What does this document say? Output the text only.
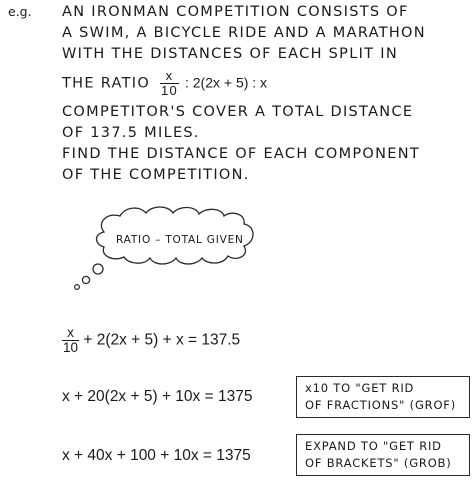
e.g. AN IRONMAN COMPETITION CONSISTS OF
A SWIM, A BICYCLE RIDE AND A MARATHON
WITH THE DISTANCES OF EACH SPLIT IN
THE RATIO $\frac{x}{10}$ : 2(2x + 5) : x
COMPETITOR'S COVER A TOTAL DISTANCE
OF 137.5 MILES.
FIND THE DISTANCE OF EACH COMPONENT
OF THE COMPETITION.
RATIO – TOTAL GIVEN
$\frac{x}{10} + 2(2x + 5) + x = 137.5$
x + 20(2x + 5) + 10x = 1375	x10 TO "GET RID
OF FRACTIONS" (GROF)
x + 40x + 100 + 10x = 1375
EXPAND TO "GET RID
OF BRACKETS" (GROB)
